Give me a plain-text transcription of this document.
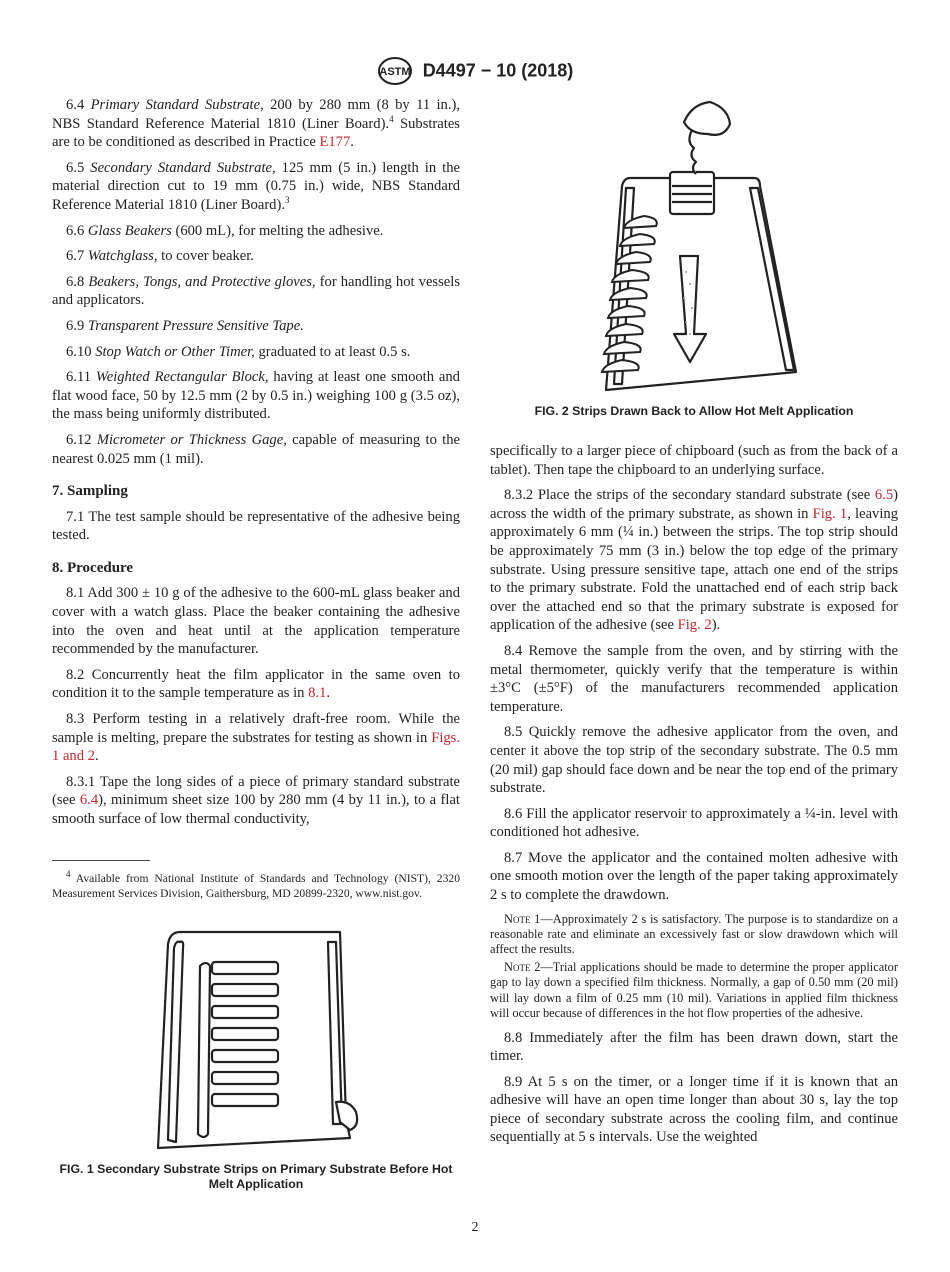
ASTM D4497 − 10 (2018)

6.4 Primary Standard Substrate, 200 by 280 mm (8 by 11 in.), NBS Standard Reference Material 1810 (Liner Board).$^4$ Substrates are to be conditioned as described in Practice E177.

6.5 Secondary Standard Substrate, 125 mm (5 in.) length in the material direction cut to 19 mm (0.75 in.) wide, NBS Standard Reference Material 1810 (Liner Board).$^3$

6.6 Glass Beakers (600 mL), for melting the adhesive.

6.7 Watchglass, to cover beaker.

6.8 Beakers, Tongs, and Protective gloves, for handling hot vessels and applicators.

6.9 Transparent Pressure Sensitive Tape.

6.10 Stop Watch or Other Timer, graduated to at least 0.5 s.

6.11 Weighted Rectangular Block, having at least one smooth and flat wood face, 50 by 12.5 mm (2 by 0.5 in.) weighing 100 g (3.5 oz), the mass being uniformly distributed.

6.12 Micrometer or Thickness Gage, capable of measuring to the nearest 0.025 mm (1 mil).

7. Sampling

7.1 The test sample should be representative of the adhesive being tested.

8. Procedure

8.1 Add 300 ± 10 g of the adhesive to the 600-mL glass beaker and cover with a watch glass. Place the beaker containing the adhesive into the oven and heat until at the application temperature recommended by the manufacturer.

8.2 Concurrently heat the film applicator in the same oven to condition it to the sample temperature as in 8.1.

8.3 Perform testing in a relatively draft-free room. While the sample is melting, prepare the substrates for testing as shown in Figs. 1 and 2.

8.3.1 Tape the long sides of a piece of primary standard substrate (see 6.4), minimum sheet size 100 by 280 mm (4 by 11 in.), to a flat smooth surface of low thermal conductivity,

$^4$ Available from National Institute of Standards and Technology (NIST), 2320 Measurement Services Division, Gaithersburg, MD 20899-2320, www.nist.gov.
FIG. 1 Secondary Substrate Strips on Primary Substrate Before Hot Melt Application
FIG. 2 Strips Drawn Back to Allow Hot Melt Application

specifically to a larger piece of chipboard (such as from the back of a tablet). Then tape the chipboard to an underlying surface.

8.3.2 Place the strips of the secondary standard substrate (see 6.5) across the width of the primary substrate, as shown in Fig. 1, leaving approximately 6 mm (¼ in.) between the strips. The top strip should be approximately 75 mm (3 in.) below the top edge of the primary substrate. Using pressure sensitive tape, attach one end of the strips to the primary substrate. Fold the unattached end of each strip back over the attached end so that the primary substrate is exposed for application of the adhesive (see Fig. 2).

8.4 Remove the sample from the oven, and by stirring with the metal thermometer, quickly verify that the temperature is within ±3°C (±5°F) of the manufacturers recommended application temperature.

8.5 Quickly remove the adhesive applicator from the oven, and center it above the top strip of the secondary substrate. The 0.5 mm (20 mil) gap should face down and be near the top end of the primary substrate.

8.6 Fill the applicator reservoir to approximately a ¼-in. level with conditioned hot adhesive.

8.7 Move the applicator and the contained molten adhesive with one smooth motion over the length of the paper taking approximately 2 s to complete the drawdown.

Note 1—Approximately 2 s is satisfactory. The purpose is to standardize on a reasonable rate and eliminate an excessively fast or slow drawdown which will affect the results.

Note 2—Trial applications should be made to determine the proper applicator gap to lay down a specified film thickness. Normally, a gap of 0.50 mm (20 mil) will lay down a film of 0.25 mm (10 mil). Variations in applied film thickness will occur because of differences in the hot flow properties of the adhesive.

8.8 Immediately after the film has been drawn down, start the timer.

8.9 At 5 s on the timer, or a longer time if it is known that an adhesive will have an open time longer than about 30 s, lay the top piece of secondary substrate across the cooling film, and continue sequentially at 5 s intervals. Use the weighted

2
